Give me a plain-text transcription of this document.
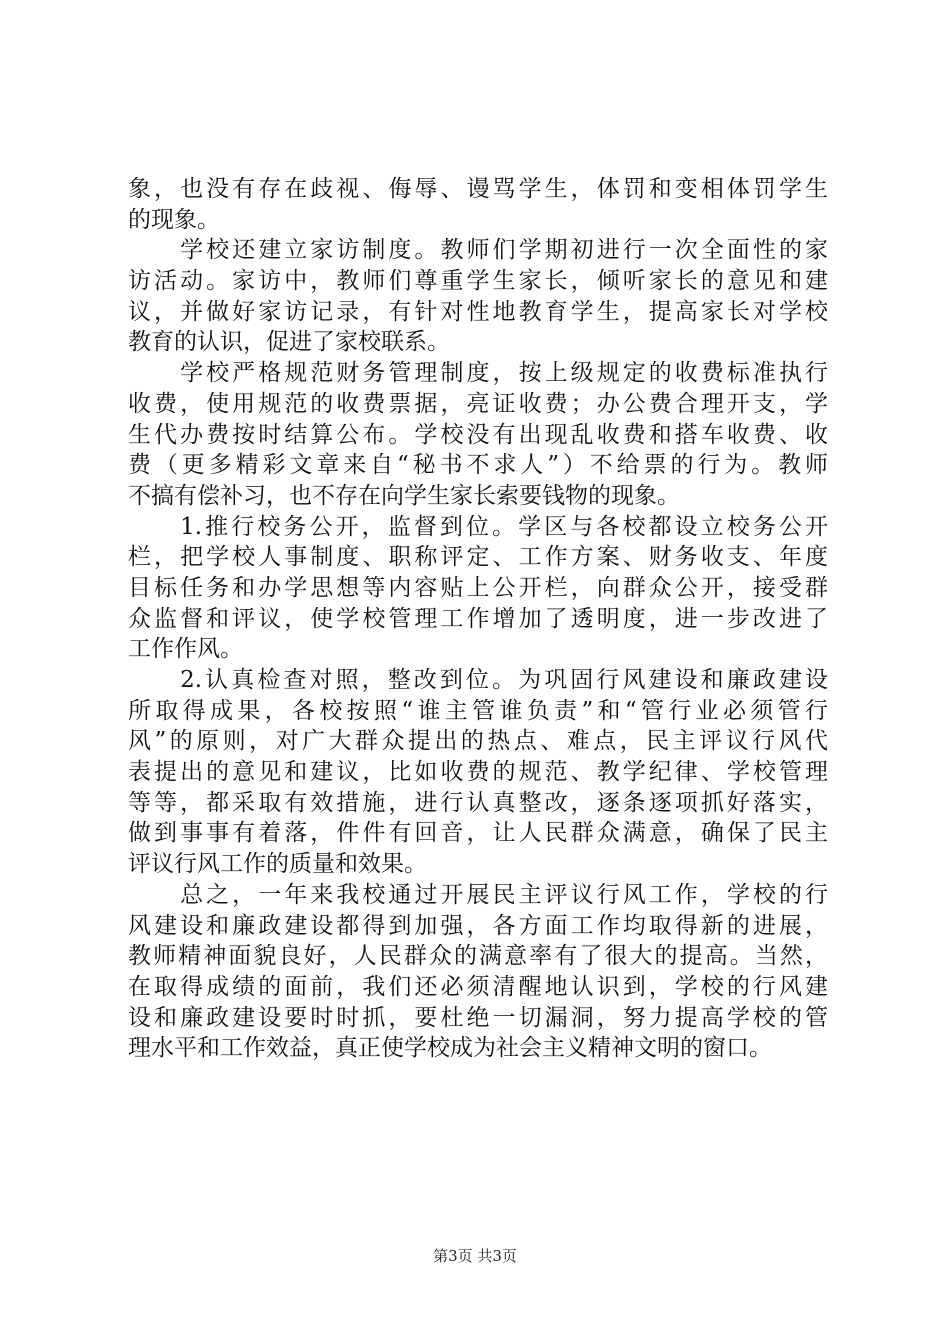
象，也没有存在歧视、侮辱、谩骂学生，体罚和变相体罚学生
的现象。
　　学校还建立家访制度。教师们学期初进行一次全面性的家
访活动。家访中，教师们尊重学生家长，倾听家长的意见和建
议，并做好家访记录，有针对性地教育学生，提高家长对学校
教育的认识，促进了家校联系。
　　学校严格规范财务管理制度，按上级规定的收费标准执行
收费，使用规范的收费票据，亮证收费；办公费合理开支，学
生代办费按时结算公布。学校没有出现乱收费和搭车收费、收
费（更多精彩文章来自“秘书不求人”）不给票的行为。教师
不搞有偿补习，也不存在向学生家长索要钱物的现象。
　　1.推行校务公开，监督到位。学区与各校都设立校务公开
栏，把学校人事制度、职称评定、工作方案、财务收支、年度
目标任务和办学思想等内容贴上公开栏，向群众公开，接受群
众监督和评议，使学校管理工作增加了透明度，进一步改进了
工作作风。
　　2.认真检查对照，整改到位。为巩固行风建设和廉政建设
所取得成果，各校按照“谁主管谁负责”和“管行业必须管行
风”的原则，对广大群众提出的热点、难点，民主评议行风代
表提出的意见和建议，比如收费的规范、教学纪律、学校管理
等等，都采取有效措施，进行认真整改，逐条逐项抓好落实，
做到事事有着落，件件有回音，让人民群众满意，确保了民主
评议行风工作的质量和效果。
　　总之，一年来我校通过开展民主评议行风工作，学校的行
风建设和廉政建设都得到加强，各方面工作均取得新的进展，
教师精神面貌良好，人民群众的满意率有了很大的提高。当然，
在取得成绩的面前，我们还必须清醒地认识到，学校的行风建
设和廉政建设要时时抓，要杜绝一切漏洞，努力提高学校的管
理水平和工作效益，真正使学校成为社会主义精神文明的窗口。
第3页 共3页
